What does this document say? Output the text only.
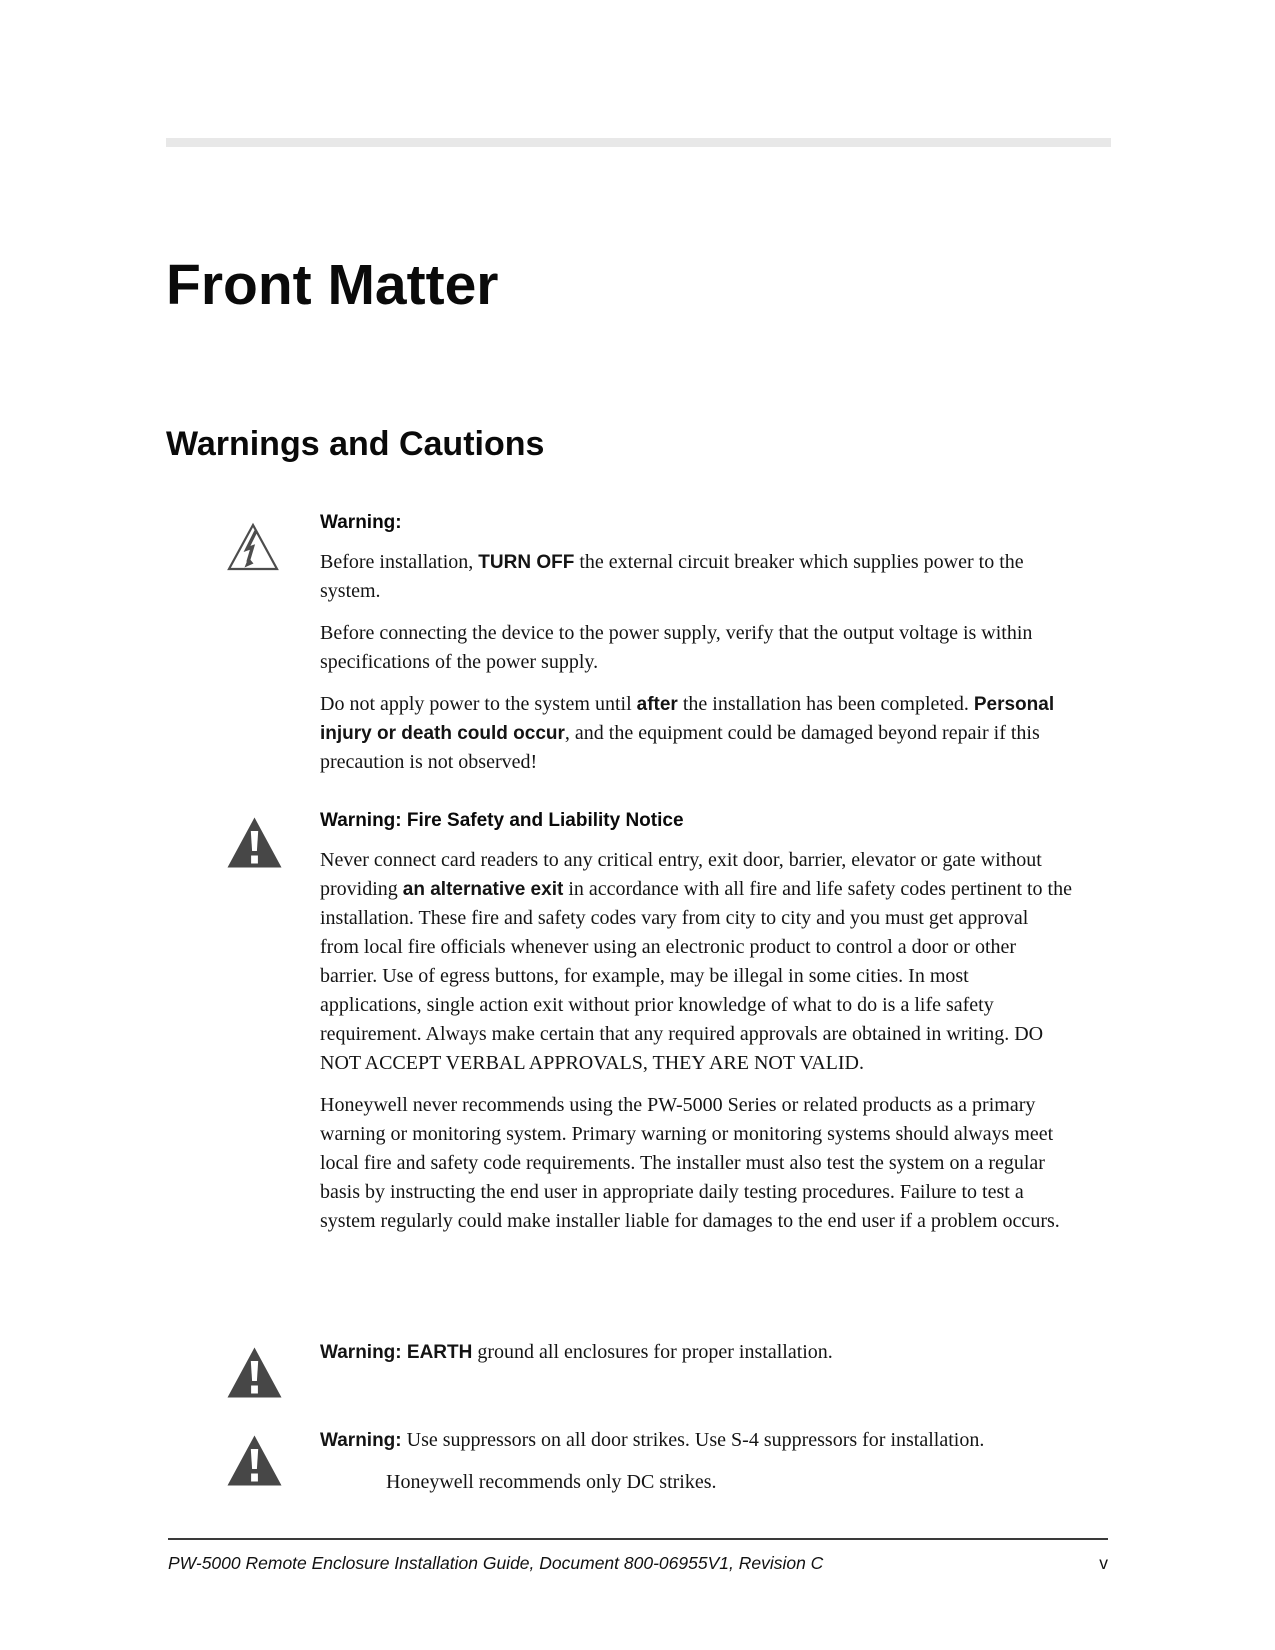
Front Matter
Warnings and Cautions
Warning:

Before installation, TURN OFF the external circuit breaker which supplies power to the system.

Before connecting the device to the power supply, verify that the output voltage is within specifications of the power supply.

Do not apply power to the system until after the installation has been completed. Personal injury or death could occur, and the equipment could be damaged beyond repair if this precaution is not observed!

Warning: Fire Safety and Liability Notice

Never connect card readers to any critical entry, exit door, barrier, elevator or gate without providing an alternative exit in accordance with all fire and life safety codes pertinent to the installation. These fire and safety codes vary from city to city and you must get approval from local fire officials whenever using an electronic product to control a door or other barrier. Use of egress buttons, for example, may be illegal in some cities. In most applications, single action exit without prior knowledge of what to do is a life safety requirement. Always make certain that any required approvals are obtained in writing. DO NOT ACCEPT VERBAL APPROVALS, THEY ARE NOT VALID.

Honeywell never recommends using the PW-5000 Series or related products as a primary warning or monitoring system. Primary warning or monitoring systems should always meet local fire and safety code requirements. The installer must also test the system on a regular basis by instructing the end user in appropriate daily testing procedures. Failure to test a system regularly could make installer liable for damages to the end user if a problem occurs.

Warning: EARTH ground all enclosures for proper installation.

Warning: Use suppressors on all door strikes. Use S-4 suppressors for installation.

Honeywell recommends only DC strikes.

PW-5000 Remote Enclosure Installation Guide, Document 800-06955V1, Revision C	v
